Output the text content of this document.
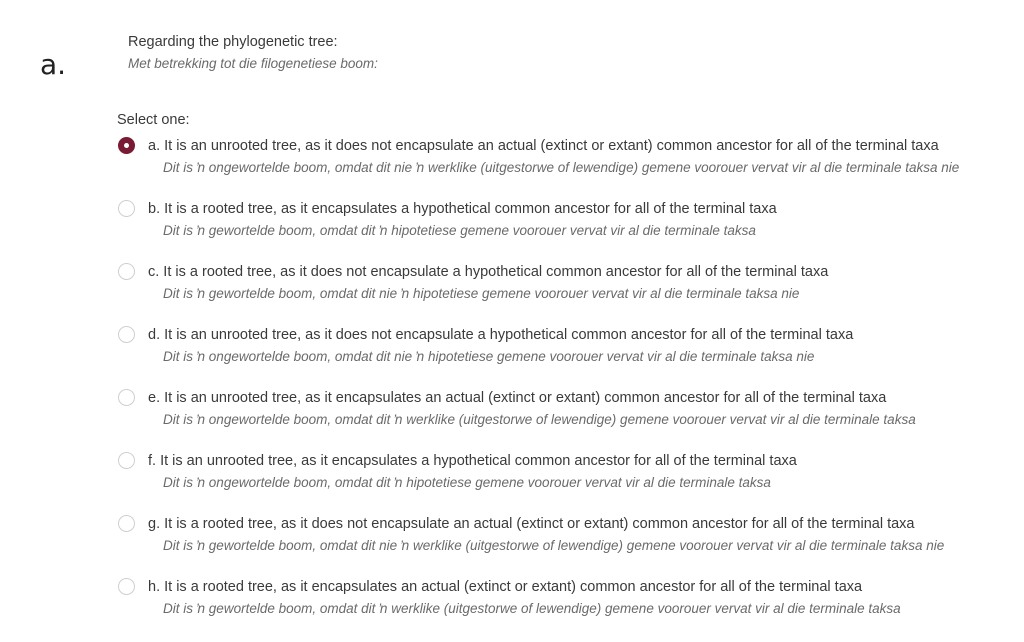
a.
Regarding the phylogenetic tree:
Met betrekking tot die filogenetiese boom:
Select one:
a. It is an unrooted tree, as it does not encapsulate an actual (extinct or extant) common ancestor for all of the terminal taxa
Dit is ŉ ongewortelde boom, omdat dit nie ŉ werklike (uitgestorwe of lewendige) gemene voorouer vervat vir al die terminale taksa nie
b. It is a rooted tree, as it encapsulates a hypothetical common ancestor for all of the terminal taxa
Dit is ŉ gewortelde boom, omdat dit ŉ hipotetiese gemene voorouer vervat vir al die terminale taksa
c. It is a rooted tree, as it does not encapsulate a hypothetical common ancestor for all of the terminal taxa
Dit is ŉ gewortelde boom, omdat dit nie ŉ hipotetiese gemene voorouer vervat vir al die terminale taksa nie
d. It is an unrooted tree, as it does not encapsulate a hypothetical common ancestor for all of the terminal taxa
Dit is ŉ ongewortelde boom, omdat dit nie ŉ hipotetiese gemene voorouer vervat vir al die terminale taksa nie
e. It is an unrooted tree, as it encapsulates an actual (extinct or extant) common ancestor for all of the terminal taxa
Dit is ŉ ongewortelde boom, omdat dit ŉ werklike (uitgestorwe of lewendige) gemene voorouer vervat vir al die terminale taksa
f. It is an unrooted tree, as it encapsulates a hypothetical common ancestor for all of the terminal taxa
Dit is ŉ ongewortelde boom, omdat dit ŉ hipotetiese gemene voorouer vervat vir al die terminale taksa
g. It is a rooted tree, as it does not encapsulate an actual (extinct or extant) common ancestor for all of the terminal taxa
Dit is ŉ gewortelde boom, omdat dit nie ŉ werklike (uitgestorwe of lewendige) gemene voorouer vervat vir al die terminale taksa nie
h. It is a rooted tree, as it encapsulates an actual (extinct or extant) common ancestor for all of the terminal taxa
Dit is ŉ gewortelde boom, omdat dit ŉ werklike (uitgestorwe of lewendige) gemene voorouer vervat vir al die terminale taksa
